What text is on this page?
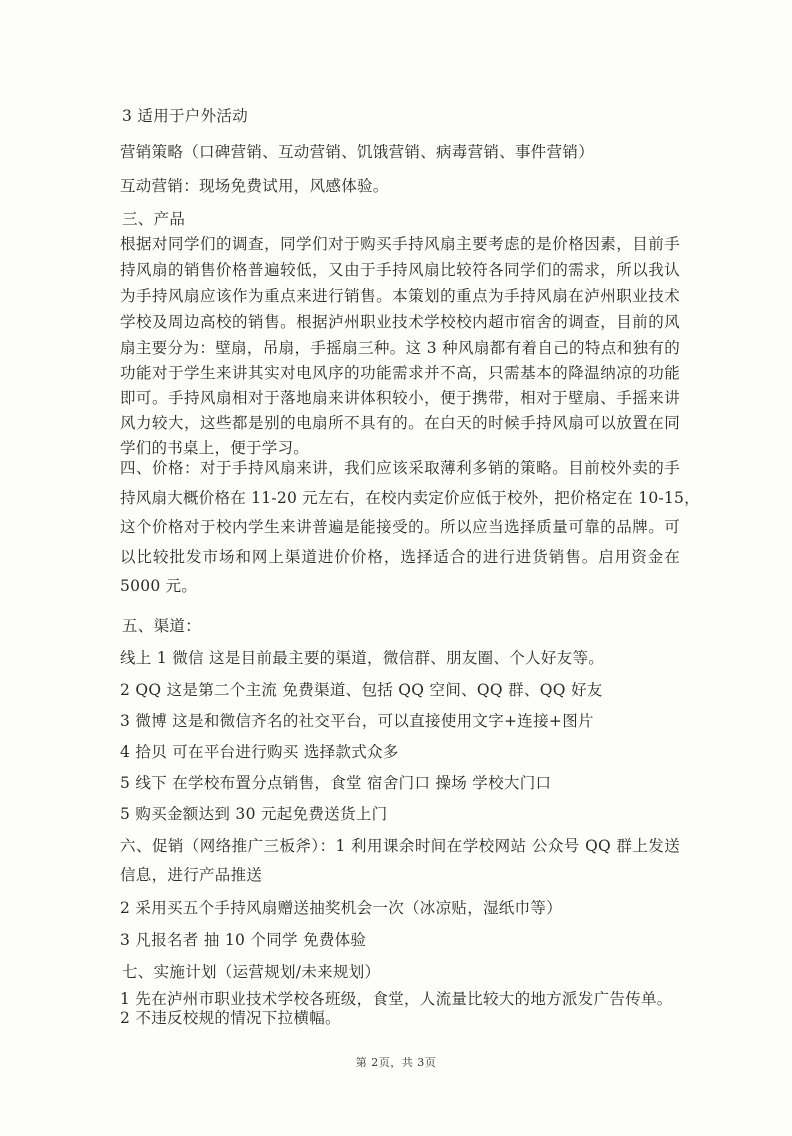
3 适用于户外活动
营销策略（口碑营销、互动营销、饥饿营销、病毒营销、事件营销）
互动营销：现场免费试用，风感体验。
三、产品
根据对同学们的调查，同学们对于购买手持风扇主要考虑的是价格因素，目前手
持风扇的销售价格普遍较低，又由于手持风扇比较符各同学们的需求，所以我认
为手持风扇应该作为重点来进行销售。本策划的重点为手持风扇在泸州职业技术
学校及周边高校的销售。根据泸州职业技术学校校内超市宿舍的调查，目前的风
扇主要分为：壁扇，吊扇，手摇扇三种。这 3 种风扇都有着自己的特点和独有的
功能对于学生来讲其实对电风序的功能需求并不高，只需基本的降温纳凉的功能
即可。手持风扇相对于落地扇来讲体积较小，便于携带，相对于壁扇、手摇来讲
风力较大，这些都是别的电扇所不具有的。在白天的时候手持风扇可以放置在同
学们的书桌上，便于学习。
四、价格：对于手持风扇来讲，我们应该采取薄利多销的策略。目前校外卖的手
持风扇大概价格在 11-20 元左右，在校内卖定价应低于校外，把价格定在 10-15，
这个价格对于校内学生来讲普遍是能接受的。所以应当选择质量可靠的品牌。可
以比较批发市场和网上渠道进价价格，选择适合的进行进货销售。启用资金在
5000 元。
五、渠道：
线上 1 微信 这是目前最主要的渠道，微信群、朋友圈、个人好友等。
2 QQ 这是第二个主流 免费渠道、包括 QQ 空间、QQ 群、QQ 好友
3 微博 这是和微信齐名的社交平台，可以直接使用文字+连接+图片
4 拾贝 可在平台进行购买 选择款式众多
5 线下 在学校布置分点销售，食堂 宿舍门口 操场 学校大门口
5 购买金额达到 30 元起免费送货上门
六、促销（网络推广三板斧）：1 利用课余时间在学校网站 公众号 QQ 群上发送
信息，进行产品推送
2 采用买五个手持风扇赠送抽奖机会一次（冰凉贴，湿纸巾等）
3 凡报名者 抽 10 个同学 免费体验
七、实施计划（运营规划/未来规划）
1 先在泸州市职业技术学校各班级，食堂，人流量比较大的地方派发广告传单。
2 不违反校规的情况下拉横幅。
第 2页，共 3页
